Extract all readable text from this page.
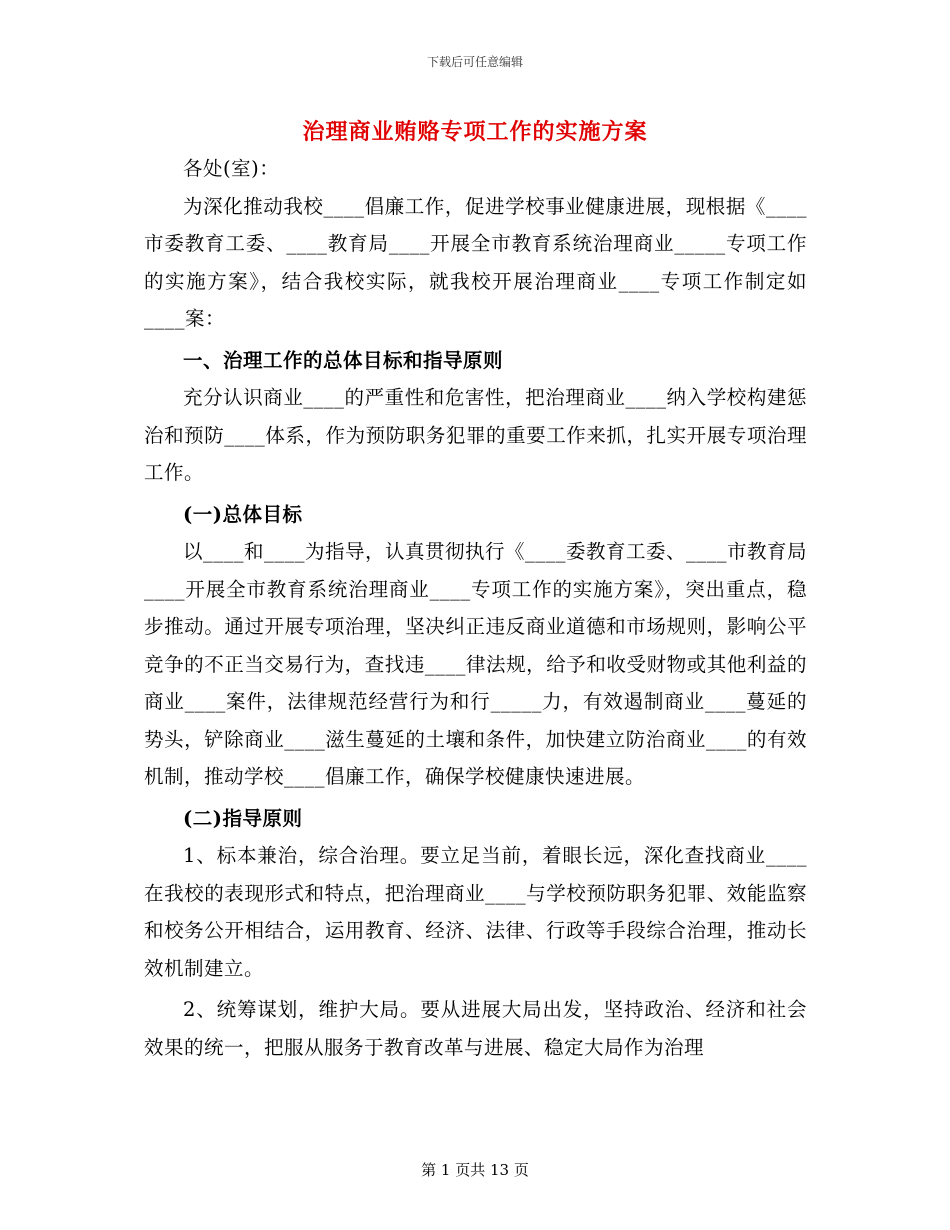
下载后可任意编辑
治理商业贿赂专项工作的实施方案

各处(室)：

为深化推动我校____倡廉工作，促进学校事业健康进展，现根据《____市委教育工委、____教育局____开展全市教育系统治理商业_____专项工作的实施方案》，结合我校实际，就我校开展治理商业____专项工作制定如____案：

一、治理工作的总体目标和指导原则

充分认识商业____的严重性和危害性，把治理商业____纳入学校构建惩治和预防____体系，作为预防职务犯罪的重要工作来抓，扎实开展专项治理工作。

(一)总体目标

以____和____为指导，认真贯彻执行《____委教育工委、____市教育局____开展全市教育系统治理商业____专项工作的实施方案》，突出重点，稳步推动。通过开展专项治理，坚决纠正违反商业道德和市场规则，影响公平竞争的不正当交易行为，查找违____律法规，给予和收受财物或其他利益的商业____案件，法律规范经营行为和行_____力，有效遏制商业____蔓延的势头，铲除商业____滋生蔓延的土壤和条件，加快建立防治商业____的有效机制，推动学校____倡廉工作，确保学校健康快速进展。

(二)指导原则

1、标本兼治，综合治理。要立足当前，着眼长远，深化查找商业____在我校的表现形式和特点，把治理商业____与学校预防职务犯罪、效能监察和校务公开相结合，运用教育、经济、法律、行政等手段综合治理，推动长效机制建立。

2、统筹谋划，维护大局。要从进展大局出发，坚持政治、经济和社会效果的统一，把服从服务于教育改革与进展、稳定大局作为治理

第 1 页共 13 页
